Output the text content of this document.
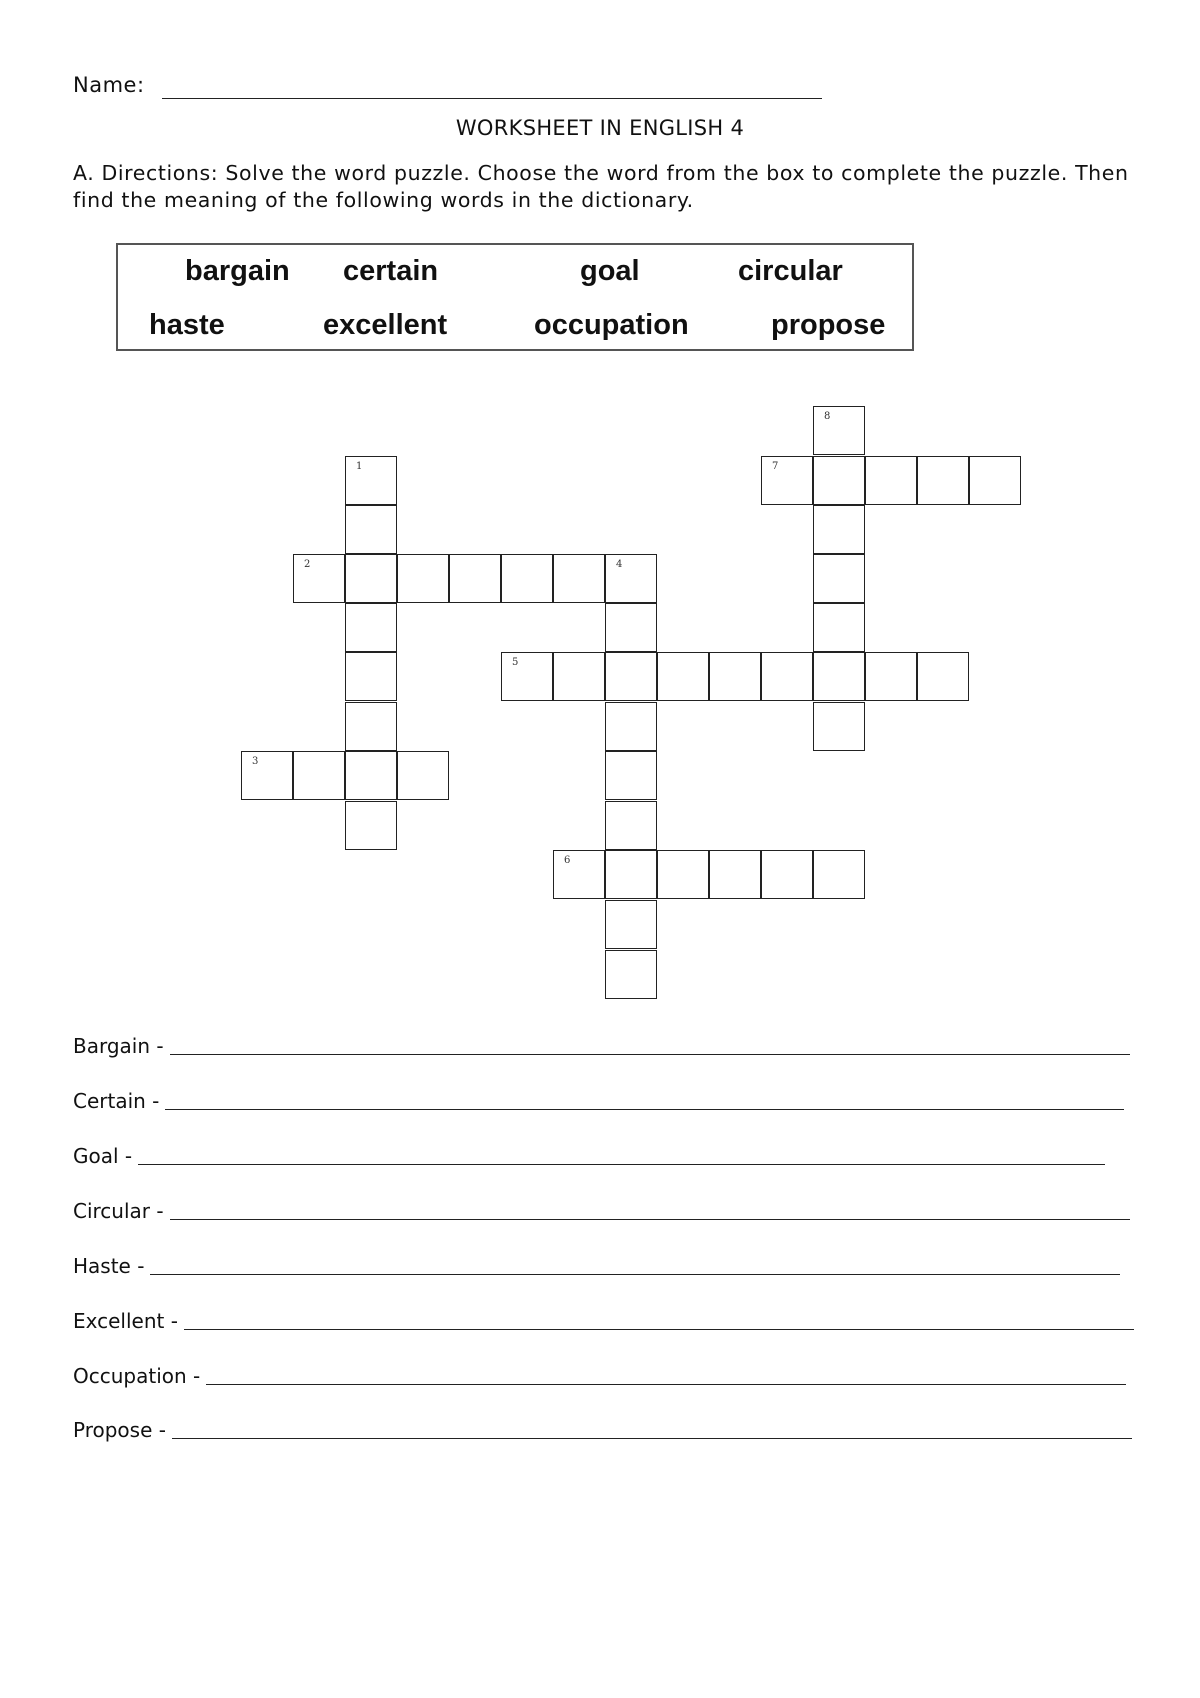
Name:
WORKSHEET IN ENGLISH 4
A. Directions: Solve the word puzzle. Choose the word from the box to complete the puzzle. Then find the meaning of the following words in the dictionary.
bargain certain	goal	circular
haste	excellent	occupation	propose
8
7
1
2	4
5
3
6
Bargain -
Certain -
Goal -
Circular -
Haste -
Excellent -
Occupation -
Propose -
